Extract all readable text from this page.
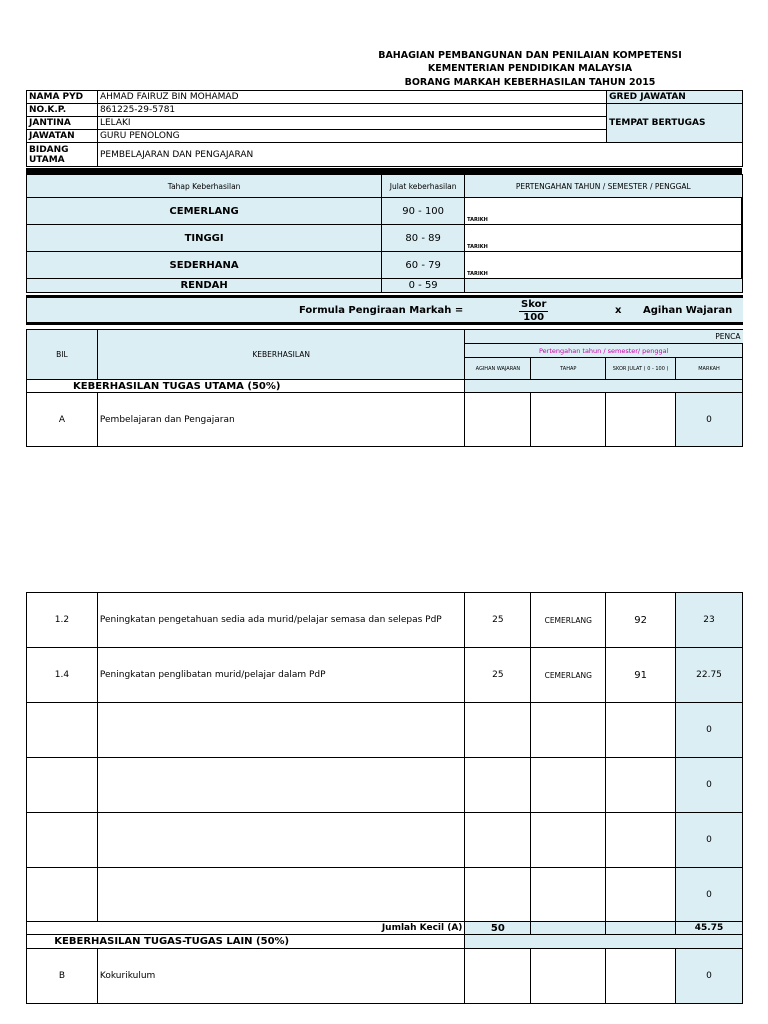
BAHAGIAN PEMBANGUNAN DAN PENILAIAN KOMPETENSI
KEMENTERIAN PENDIDIKAN MALAYSIA
BORANG MARKAH KEBERHASILAN TAHUN 2015
NAMA PYD	AHMAD FAIRUZ BIN MOHAMAD	GRED JAWATAN
NO.K.P.	861225-29-5781	TEMPAT BERTUGAS
JANTINA	LELAKI	
JAWATAN	GURU PENOLONG	
BIDANG UTAMA	PEMBELAJARAN DAN PENGAJARAN	
Tahap Keberhasilan	Julat keberhasilan	PERTENGAHAN TAHUN / SEMESTER / PENGGAL
CEMERLANG	90 - 100	TARIKH
TINGGI	80 - 89	TARIKH
SEDERHANA	60 - 79	TARIKH
RENDAH	0 - 59	
Formula Pengiraan Markah =
Skor
100
x Agihan Wajaran
BIL	KEBERHASILAN	PENCA			
		Pertengahan tahun / semester/ penggal			
		AGIHAN WAJARAN	TAHAP	SKOR JULAT ( 0 - 100 )	MARKAH
KEBERHASILAN TUGAS UTAMA (50%)					
A	Pembelajaran dan Pengajaran				0
1.2	Peningkatan pengetahuan sedia ada murid/pelajar semasa dan selepas PdP	25	CEMERLANG	92	23
1.4	Peningkatan penglibatan murid/pelajar dalam PdP	25	CEMERLANG	91	22.75
					0
					0
					0
					0
Jumlah Kecil (A)		50			45.75
KEBERHASILAN TUGAS-TUGAS LAIN (50%)					
B	Kokurikulum				0
